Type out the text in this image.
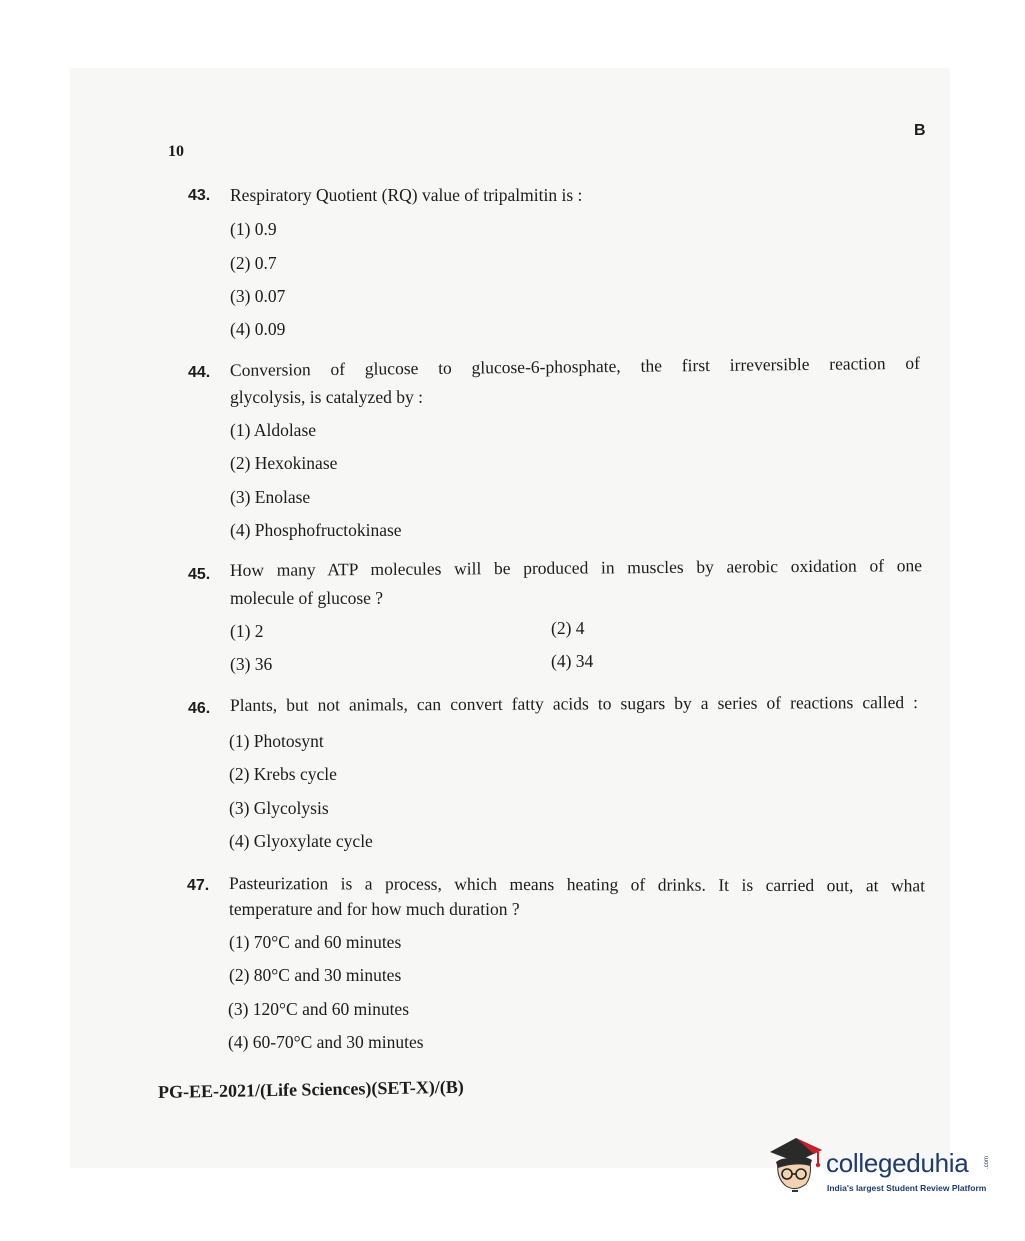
10
B
43. Respiratory Quotient (RQ) value of tripalmitin is :
(1) 0.9
(2) 0.7
(3) 0.07
(4) 0.09
44. Conversion of glucose to glucose-6-phosphate, the first irreversible reaction of
glycolysis, is catalyzed by :
(1) Aldolase
(2) Hexokinase
(3) Enolase
(4) Phosphofructokinase
45. How many ATP molecules will be produced in muscles by aerobic oxidation of one
molecule of glucose ?
(1) 2	(2) 4
(3) 36	(4) 34
46. Plants, but not animals, can convert fatty acids to sugars by a series of reactions called :
(1) Photosynt
(2) Krebs cycle
(3) Glycolysis
(4) Glyoxylate cycle
47. Pasteurization is a process, which means heating of drinks. It is carried out, at what
temperature and for how much duration ?
(1) 70°C and 60 minutes
(2) 80°C and 30 minutes
(3) 120°C and 60 minutes
(4) 60-70°C and 30 minutes
PG-EE-2021/(Life Sciences)(SET-X)/(B)
collegeduhia	.com
India's largest Student Review Platform
